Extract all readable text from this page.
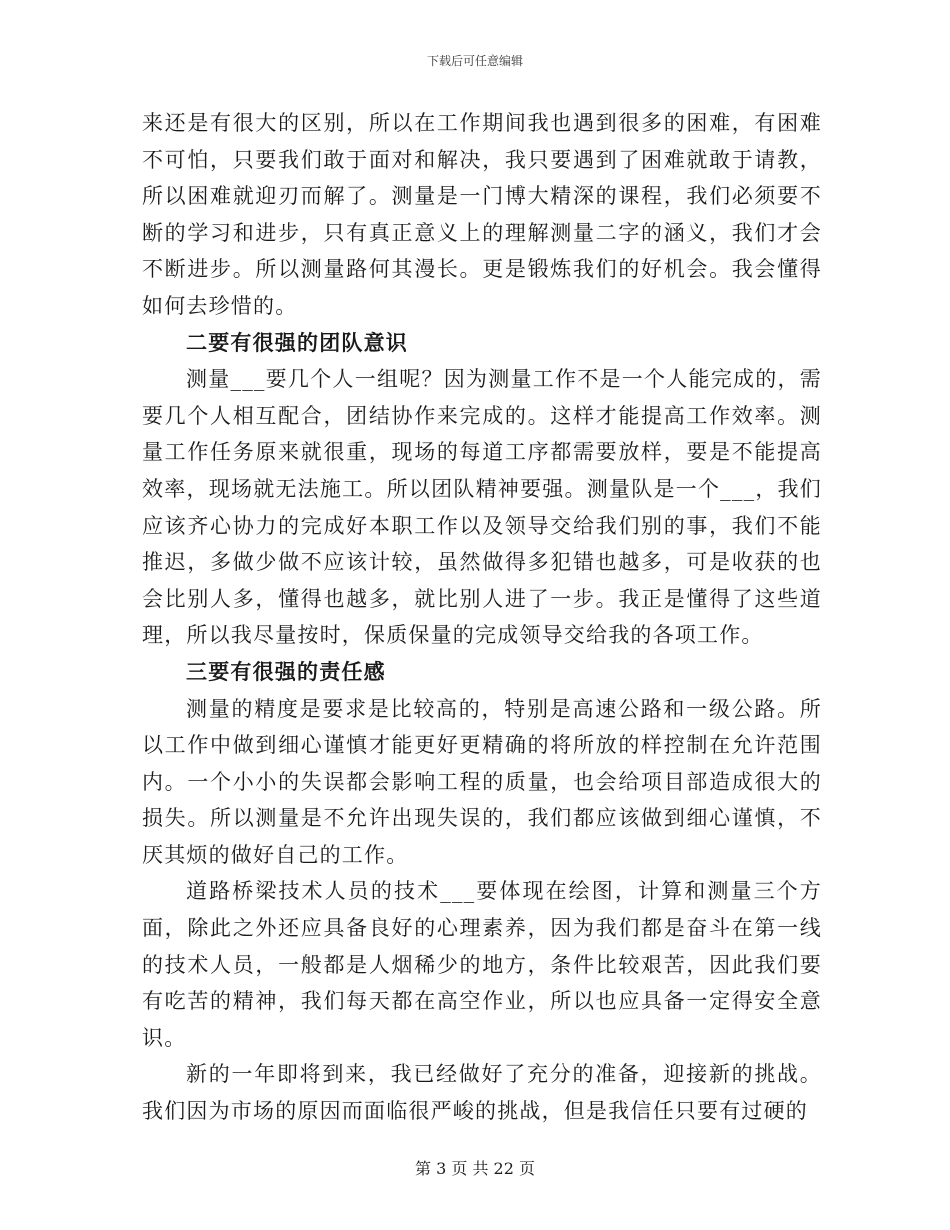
下载后可任意编辑

来还是有很大的区别，所以在工作期间我也遇到很多的困难，有困难不可怕，只要我们敢于面对和解决，我只要遇到了困难就敢于请教，所以困难就迎刃而解了。测量是一门博大精深的课程，我们必须要不断的学习和进步，只有真正意义上的理解测量二字的涵义，我们才会不断进步。所以测量路何其漫长。更是锻炼我们的好机会。我会懂得如何去珍惜的。

二要有很强的团队意识

测量___要几个人一组呢？因为测量工作不是一个人能完成的，需要几个人相互配合，团结协作来完成的。这样才能提高工作效率。测量工作任务原来就很重，现场的每道工序都需要放样，要是不能提高效率，现场就无法施工。所以团队精神要强。测量队是一个___，我们应该齐心协力的完成好本职工作以及领导交给我们别的事，我们不能推迟，多做少做不应该计较，虽然做得多犯错也越多，可是收获的也会比别人多，懂得也越多，就比别人进了一步。我正是懂得了这些道理，所以我尽量按时，保质保量的完成领导交给我的各项工作。

三要有很强的责任感

测量的精度是要求是比较高的，特别是高速公路和一级公路。所以工作中做到细心谨慎才能更好更精确的将所放的样控制在允许范围内。一个小小的失误都会影响工程的质量，也会给项目部造成很大的损失。所以测量是不允许出现失误的，我们都应该做到细心谨慎，不厌其烦的做好自己的工作。

道路桥梁技术人员的技术___要体现在绘图，计算和测量三个方面，除此之外还应具备良好的心理素养，因为我们都是奋斗在第一线的技术人员，一般都是人烟稀少的地方，条件比较艰苦，因此我们要有吃苦的精神，我们每天都在高空作业，所以也应具备一定得安全意识。

新的一年即将到来，我已经做好了充分的准备，迎接新的挑战。我们因为市场的原因而面临很严峻的挑战，但是我信任只要有过硬的

第 3 页 共 22 页
